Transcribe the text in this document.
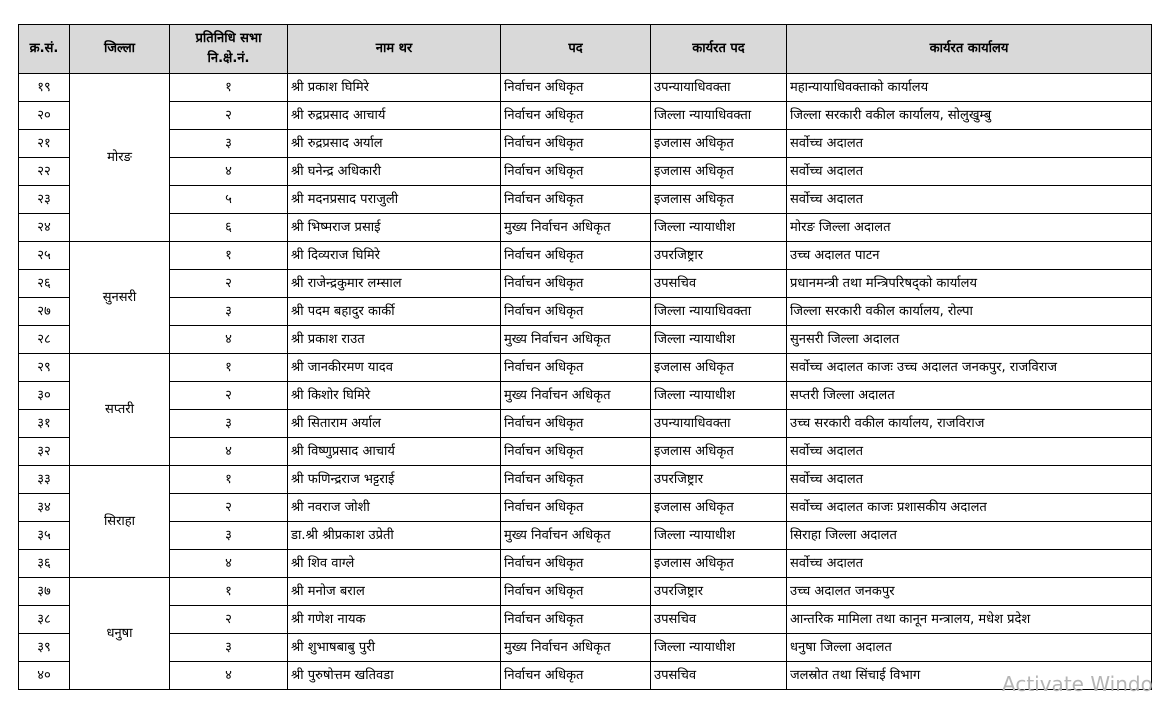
क्र.सं.	जिल्ला	प्रतिनिधि सभा नि.क्षे.नं.	नाम थर	पद	कार्यरत पद	कार्यरत कार्यालय
१९	मोरङ	१	श्री प्रकाश घिमिरे	निर्वाचन अधिकृत	उपन्यायाधिवक्ता	महान्यायाधिवक्ताको कार्यालय
२०		२	श्री रुद्रप्रसाद आचार्य	निर्वाचन अधिकृत	जिल्ला न्यायाधिवक्ता	जिल्ला सरकारी वकील कार्यालय, सोलुखुम्बु
२१		३	श्री रुद्रप्रसाद अर्याल	निर्वाचन अधिकृत	इजलास अधिकृत	सर्वोच्च अदालत
२२		४	श्री घनेन्द्र अधिकारी	निर्वाचन अधिकृत	इजलास अधिकृत	सर्वोच्च अदालत
२३		५	श्री मदनप्रसाद पराजुली	निर्वाचन अधिकृत	इजलास अधिकृत	सर्वोच्च अदालत
२४		६	श्री भिष्मराज प्रसाई	मुख्य निर्वाचन अधिकृत	जिल्ला न्यायाधीश	मोरङ जिल्ला अदालत
२५	सुनसरी	१	श्री दिव्यराज घिमिरे	निर्वाचन अधिकृत	उपरजिष्ट्रार	उच्च अदालत पाटन
२६		२	श्री राजेन्द्रकुमार लम्साल	निर्वाचन अधिकृत	उपसचिव	प्रधानमन्त्री तथा मन्त्रिपरिषद्को कार्यालय
२७		३	श्री पदम बहादुर कार्की	निर्वाचन अधिकृत	जिल्ला न्यायाधिवक्ता	जिल्ला सरकारी वकील कार्यालय, रोल्पा
२८		४	श्री प्रकाश राउत	मुख्य निर्वाचन अधिकृत	जिल्ला न्यायाधीश	सुनसरी जिल्ला अदालत
२९	सप्तरी	१	श्री जानकीरमण यादव	निर्वाचन अधिकृत	इजलास अधिकृत	सर्वोच्च अदालत काजः उच्च अदालत जनकपुर, राजविराज
३०		२	श्री किशोर घिमिरे	मुख्य निर्वाचन अधिकृत	जिल्ला न्यायाधीश	सप्तरी जिल्ला अदालत
३१		३	श्री सिताराम अर्याल	निर्वाचन अधिकृत	उपन्यायाधिवक्ता	उच्च सरकारी वकील कार्यालय, राजविराज
३२		४	श्री विष्णुप्रसाद आचार्य	निर्वाचन अधिकृत	इजलास अधिकृत	सर्वोच्च अदालत
३३	सिराहा	१	श्री फणिन्द्रराज भट्टराई	निर्वाचन अधिकृत	उपरजिष्ट्रार	सर्वोच्च अदालत
३४		२	श्री नवराज जोशी	निर्वाचन अधिकृत	इजलास अधिकृत	सर्वोच्च अदालत काजः प्रशासकीय अदालत
३५		३	डा.श्री श्रीप्रकाश उप्रेती	मुख्य निर्वाचन अधिकृत	जिल्ला न्यायाधीश	सिराहा जिल्ला अदालत
३६		४	श्री शिव वाग्ले	निर्वाचन अधिकृत	इजलास अधिकृत	सर्वोच्च अदालत
३७	धनुषा	१	श्री मनोज बराल	निर्वाचन अधिकृत	उपरजिष्ट्रार	उच्च अदालत जनकपुर
३८		२	श्री गणेश नायक	निर्वाचन अधिकृत	उपसचिव	आन्तरिक मामिला तथा कानून मन्त्रालय, मधेश प्रदेश
३९		३	श्री शुभाषबाबु पुरी	मुख्य निर्वाचन अधिकृत	जिल्ला न्यायाधीश	धनुषा जिल्ला अदालत
४०		४	श्री पुरुषोत्तम खतिवडा	निर्वाचन अधिकृत	उपसचिव	जलस्रोत तथा सिंचाई विभाग	Activate Windo
